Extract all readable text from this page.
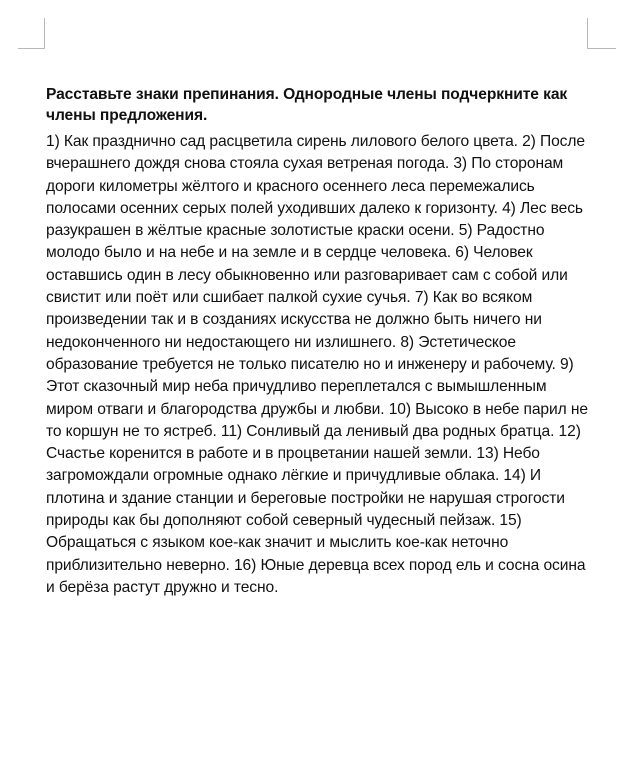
Расставьте знаки препинания. Однородные члены подчеркните как члены предложения.

1) Как празднично сад расцветила сирень лилового белого цвета. 2) После вчерашнего дождя снова стояла сухая ветреная погода. 3) По сторонам дороги километры жёлтого и красного осеннего леса перемежались полосами осенних серых полей уходивших далеко к горизонту. 4) Лес весь разукрашен в жёлтые красные золотистые краски осени. 5) Радостно молодо было и на небе и на земле и в сердце человека. 6) Человек оставшись один в лесу обыкновенно или разговаривает сам с собой или свистит или поёт или сшибает палкой сухие сучья. 7) Как во всяком произведении так и в созданиях искусства не должно быть ничего ни недоконченного ни недостающего ни излишнего. 8) Эстетическое образование требуется не только писателю но и инженеру и рабочему. 9) Этот сказочный мир неба причудливо переплетался с вымышленным миром отваги и благородства дружбы и любви. 10) Высоко в небе парил не то коршун не то ястреб. 11) Сонливый да ленивый два родных братца. 12) Счастье коренится в работе и в процветании нашей земли. 13) Небо загромождали огромные однако лёгкие и причудливые облака. 14) И плотина и здание станции и береговые постройки не нарушая строгости природы как бы дополняют собой северный чудесный пейзаж. 15) Обращаться с языком кое-как значит и мыслить кое-как неточно приблизительно неверно. 16) Юные деревца всех пород ель и сосна осина и берёза растут дружно и тесно.
